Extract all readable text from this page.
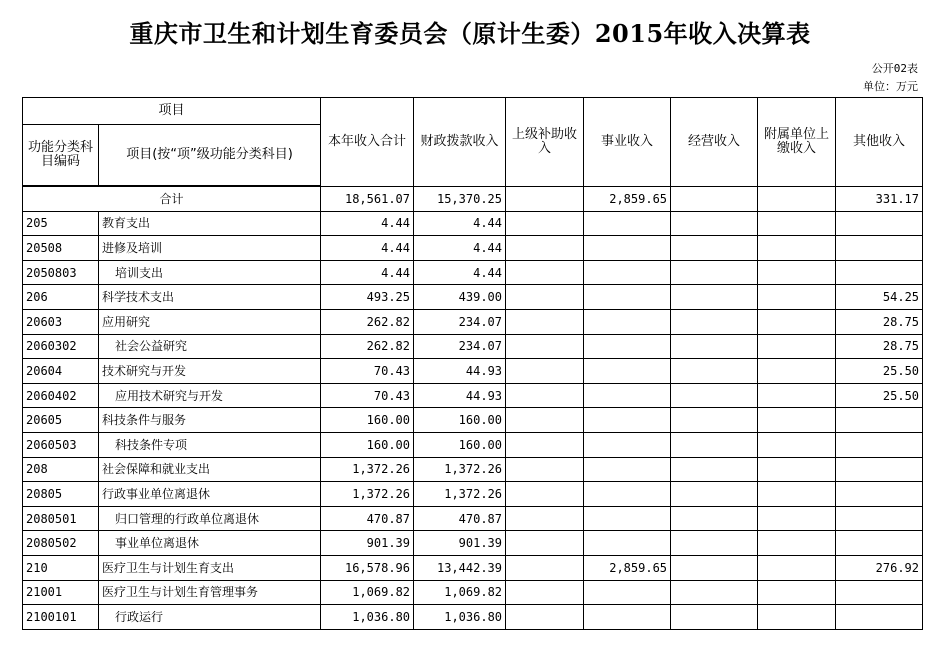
重庆市卫生和计划生育委员会（原计生委）2015年收入决算表
公开02表
单位：万元
项目		本年收入合计	财政拨款收入	上级补助收入	事业收入	经营收入	附属单位上缴收入	其他收入
功能分类科目编码	项目(按“项”级功能分类科目)							
合计		18,561.07	15,370.25		2,859.65			331.17
205	教育支出	4.44	4.44					
20508	进修及培训	4.44	4.44					
2050803	培训支出	4.44	4.44					
206	科学技术支出	493.25	439.00					54.25
20603	应用研究	262.82	234.07					28.75
2060302	社会公益研究	262.82	234.07					28.75
20604	技术研究与开发	70.43	44.93					25.50
2060402	应用技术研究与开发	70.43	44.93					25.50
20605	科技条件与服务	160.00	160.00					
2060503	科技条件专项	160.00	160.00					
208	社会保障和就业支出	1,372.26	1,372.26					
20805	行政事业单位离退休	1,372.26	1,372.26					
2080501	归口管理的行政单位离退休	470.87	470.87					
2080502	事业单位离退休	901.39	901.39					
210	医疗卫生与计划生育支出	16,578.96	13,442.39		2,859.65			276.92
21001	医疗卫生与计划生育管理事务	1,069.82	1,069.82					
2100101	行政运行	1,036.80	1,036.80					
